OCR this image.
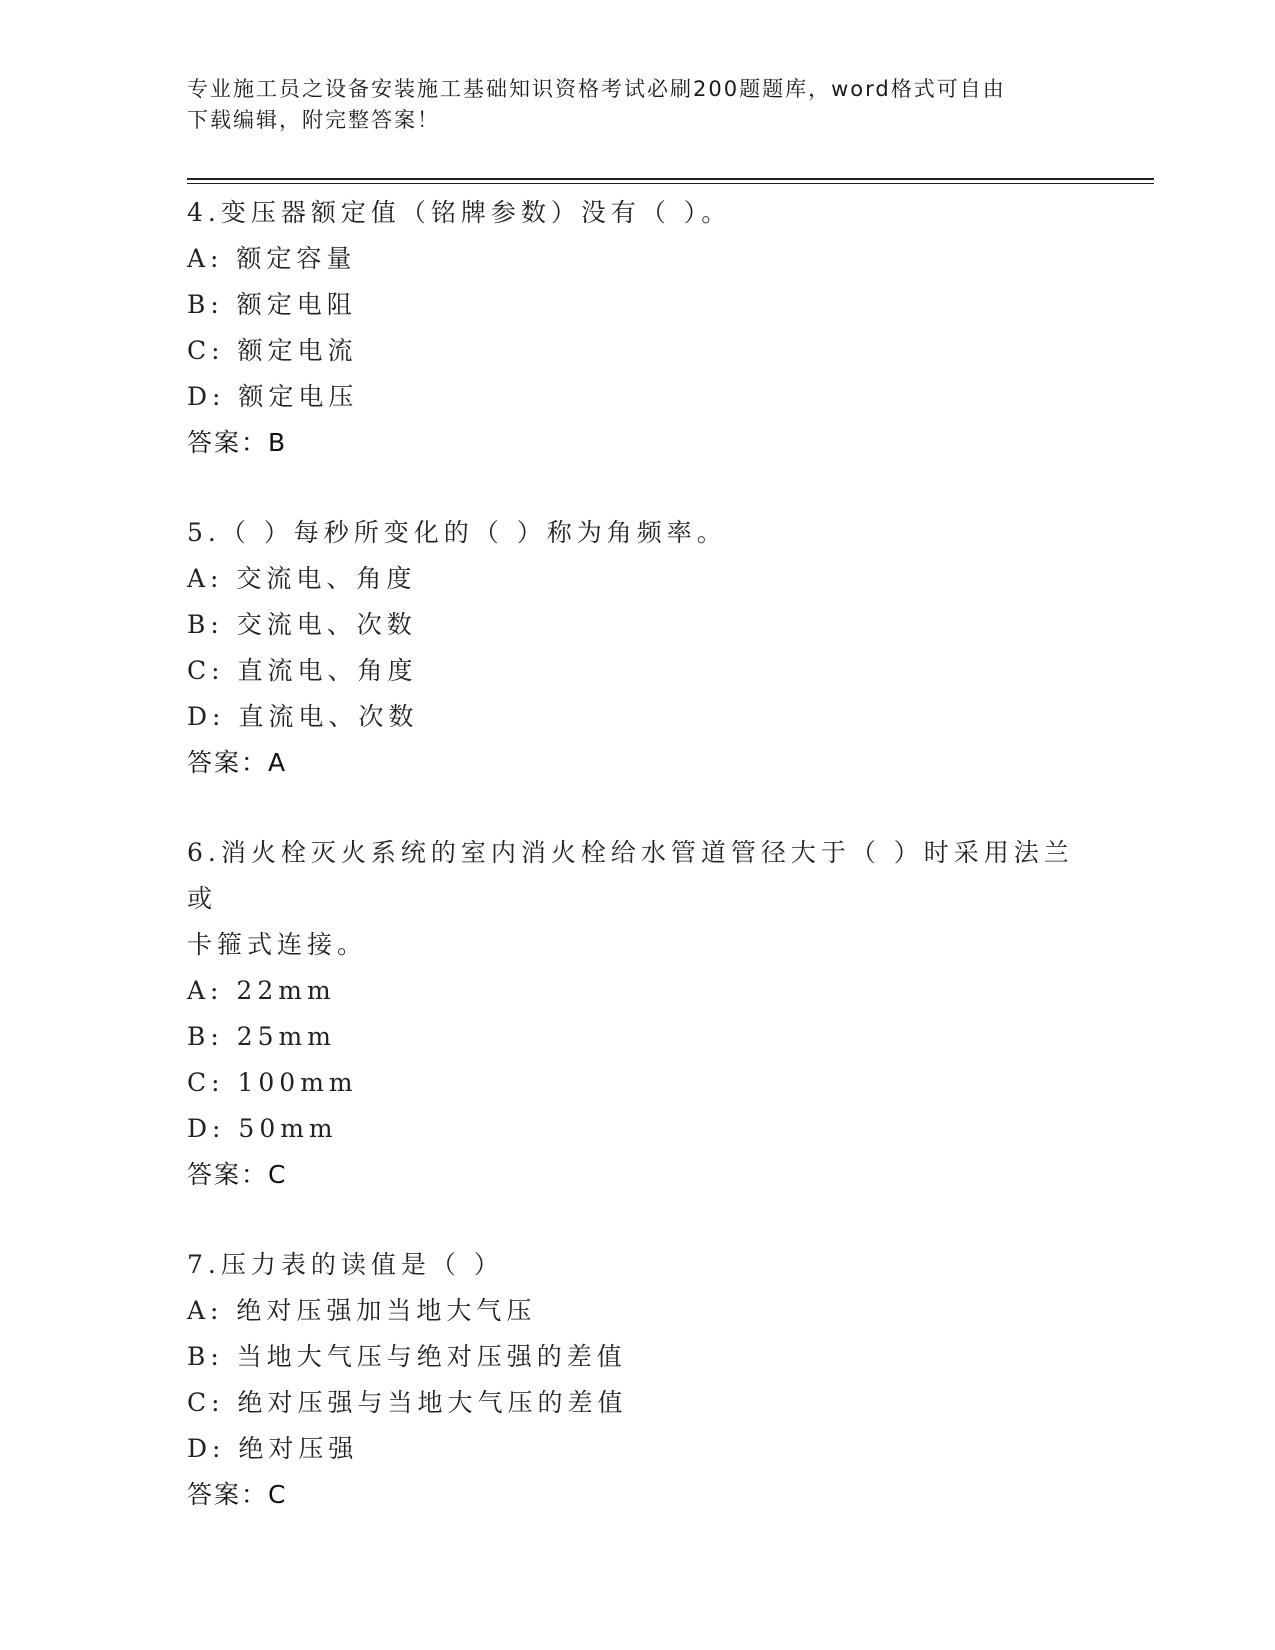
专业施工员之设备安装施工基础知识资格考试必刷200题题库，word格式可自由
下载编辑，附完整答案！
4.变压器额定值（铭牌参数）没有（ ）。
A: 额定容量
B: 额定电阻
C: 额定电流
D: 额定电压
答案：B
5.（ ）每秒所变化的（ ）称为角频率。
A: 交流电、角度
B: 交流电、次数
C: 直流电、角度
D: 直流电、次数
答案：A
6.消火栓灭火系统的室内消火栓给水管道管径大于（ ）时采用法兰或
卡箍式连接。
A: 22mm
B: 25mm
C: 100mm
D: 50mm
答案：C
7.压力表的读值是（ ）
A: 绝对压强加当地大气压
B: 当地大气压与绝对压强的差值
C: 绝对压强与当地大气压的差值
D: 绝对压强
答案：C
